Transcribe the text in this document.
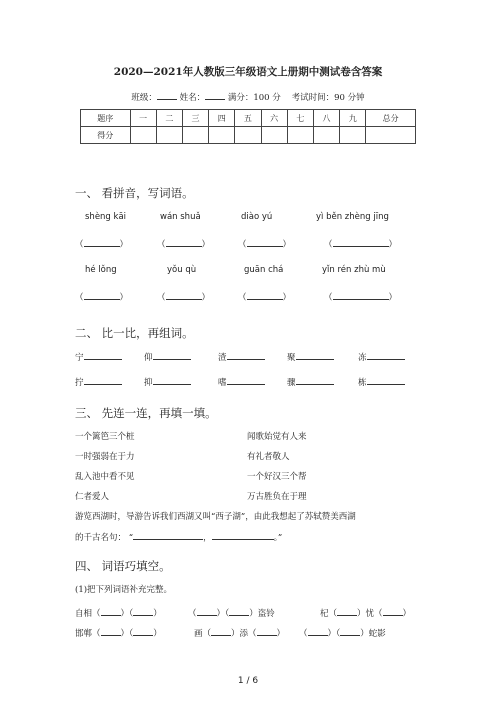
2020—2021年人教版三年级语文上册期中测试卷含答案
班级：	姓名：	满分：100 分 考试时间：90 分钟
题序	一	二	三	四	五	六	七	八	九	总分
得分										
一、 看拼音，写词语。
shèng kāi	wán shuǎ	diào yú	yì běn zhèng jīng
（	）	（	）	（	）	（	）
hé lǒng	yǒu qù	guān chá	yǐn rén zhù mù
（	）	（	）	（	）	（	）
二、 比一比，再组词。
宁	仰	渣	聚	冻
拧	抑	嗜	骤	栋
三、 先连一连，再填一填。
一个篱笆三个桩	闻歌始觉有人来
一时强弱在于力	有礼者敬人
乱入池中看不见	一个好汉三个帮
仁者爱人	万古胜负在于理
游览西湖时，导游告诉我们西湖又叫“西子湖”，由此我想起了苏轼赞美西湖
的千古名句： “	，	。”
四、 词语巧填空。
(1)把下列词语补充完整。
自相（ ）（ ）	（ ）（ ）盗铃	杞（ ）忧（ ）
邯郸（ ）（ ）	画（ ）添（ ） （ ）（ ）蛇影
1 / 6
